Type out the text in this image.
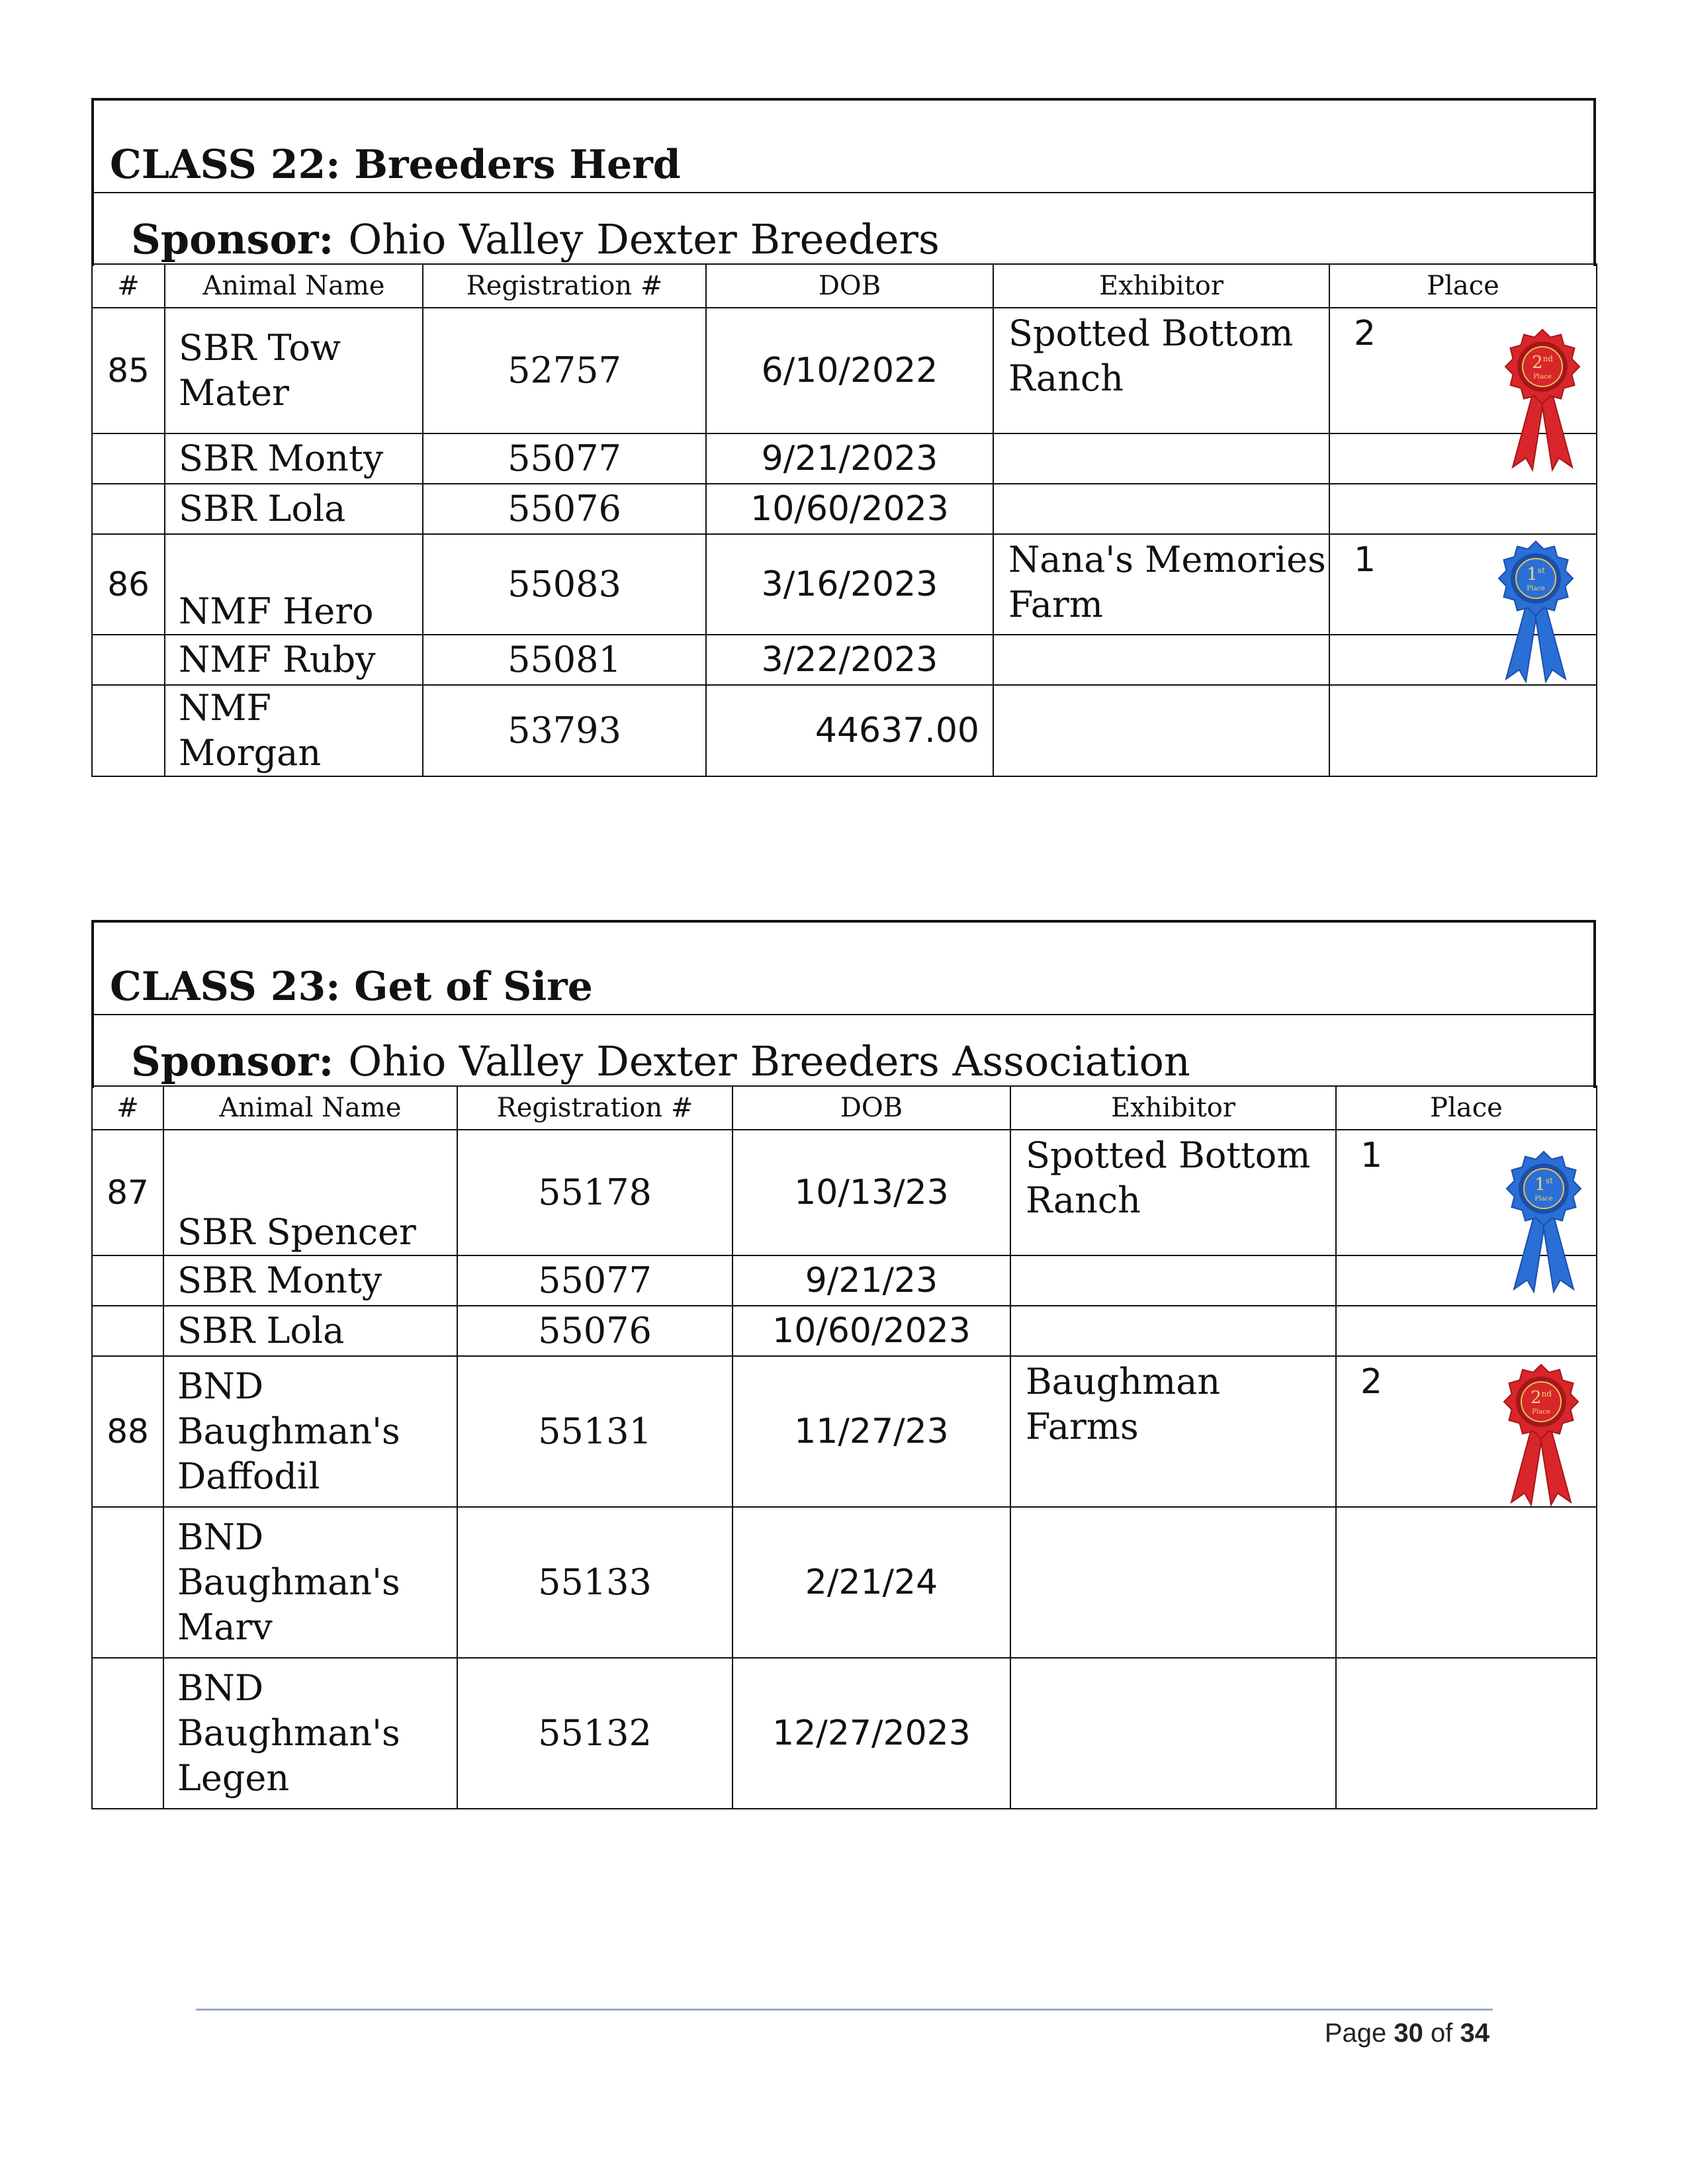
CLASS 22: Breeders Herd
Sponsor: Ohio Valley Dexter Breeders
#	Animal Name	Registration #	DOB	Exhibitor	Place
85	SBR Tow Mater	52757	6/10/2022	Spotted Bottom Ranch	2
2nd
Place

	SBR Monty	55077	9/21/2023		
	SBR Lola	55076	10/60/2023		
86	NMF Hero	55083	3/16/2023	Nana's Memories Farm	1 1st
Place

	NMF Ruby	55081	3/22/2023		
	NMF Morgan	53793	44637.00		
CLASS 23: Get of Sire
Sponsor: Ohio Valley Dexter Breeders Association
#	Animal Name	Registration #	DOB	Exhibitor	Place
87	SBR Spencer	55178	10/13/23	Spotted Bottom Ranch	1
1st
Place

	SBR Monty	55077	9/21/23		
	SBR Lola	55076	10/60/2023		
88	BND Baughman's Daffodil	55131	11/27/23	Baughman Farms	2 2nd
Place

	BND Baughman's Marv	55133	2/21/24		
	BND Baughman's Legen	55132	12/27/2023		
Page 30 of 34
